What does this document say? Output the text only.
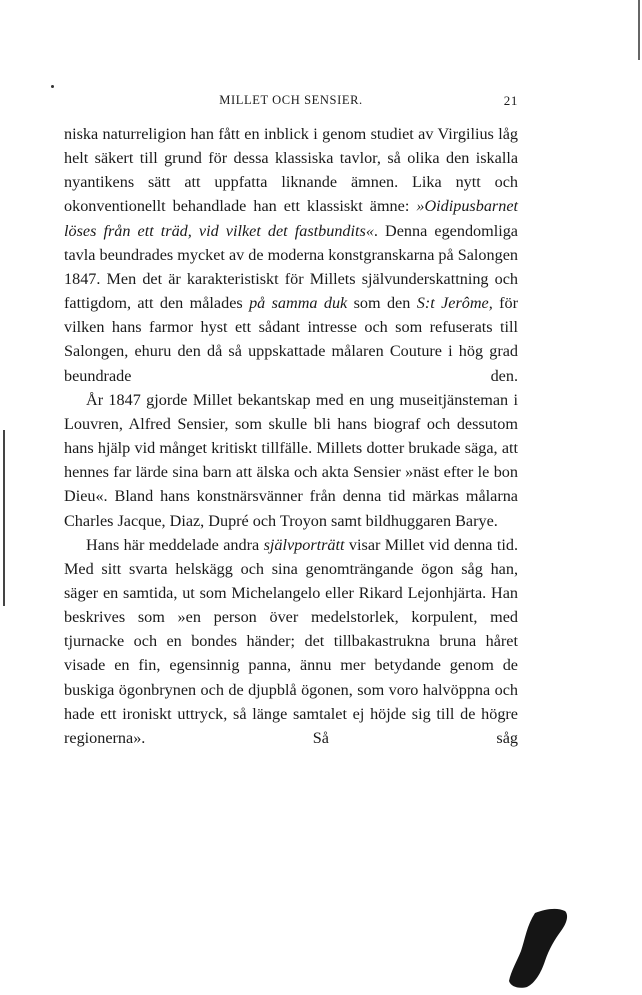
MILLET OCH SENSIER.	21

niska naturreligion han fått en inblick i genom studiet av Virgilius låg helt säkert till grund för dessa klassiska tavlor, så olika den iskalla nyantikens sätt att uppfatta liknande ämnen. Lika nytt och okonventionellt behandlade han ett klassiskt ämne: »Oidipusbarnet löses från ett träd, vid vilket det fastbundits«. Denna egendomliga tavla beundrades mycket av de moderna konstgranskarna på Salongen 1847. Men det är karakteristiskt för Millets självunderskattning och fattigdom, att den målades på samma duk som den S:t Jerôme, för vilken hans farmor hyst ett sådant intresse och som refuserats till Salongen, ehuru den då så uppskattade målaren Couture i hög grad beundrade den.

År 1847 gjorde Millet bekantskap med en ung museitjänsteman i Louvren, Alfred Sensier, som skulle bli hans biograf och dessutom hans hjälp vid månget kritiskt tillfälle. Millets dotter brukade säga, att hennes far lärde sina barn att älska och akta Sensier »näst efter le bon Dieu«. Bland hans konstnärsvänner från denna tid märkas målarna Charles Jacque, Diaz, Dupré och Troyon samt bildhuggaren Barye.

Hans här meddelade andra självporträtt visar Millet vid denna tid. Med sitt svarta helskägg och sina genomträngande ögon såg han, säger en samtida, ut som Michelangelo eller Rikard Lejonhjärta. Han beskrives som »en person över medelstorlek, korpulent, med tjurnacke och en bondes händer; det tillbakastrukna bruna håret visade en fin, egensinnig panna, ännu mer betydande genom de buskiga ögonbrynen och de djupblå ögonen, som voro halvöppna och hade ett ironiskt uttryck, så länge samtalet ej höjde sig till de högre regionerna». Så såg
